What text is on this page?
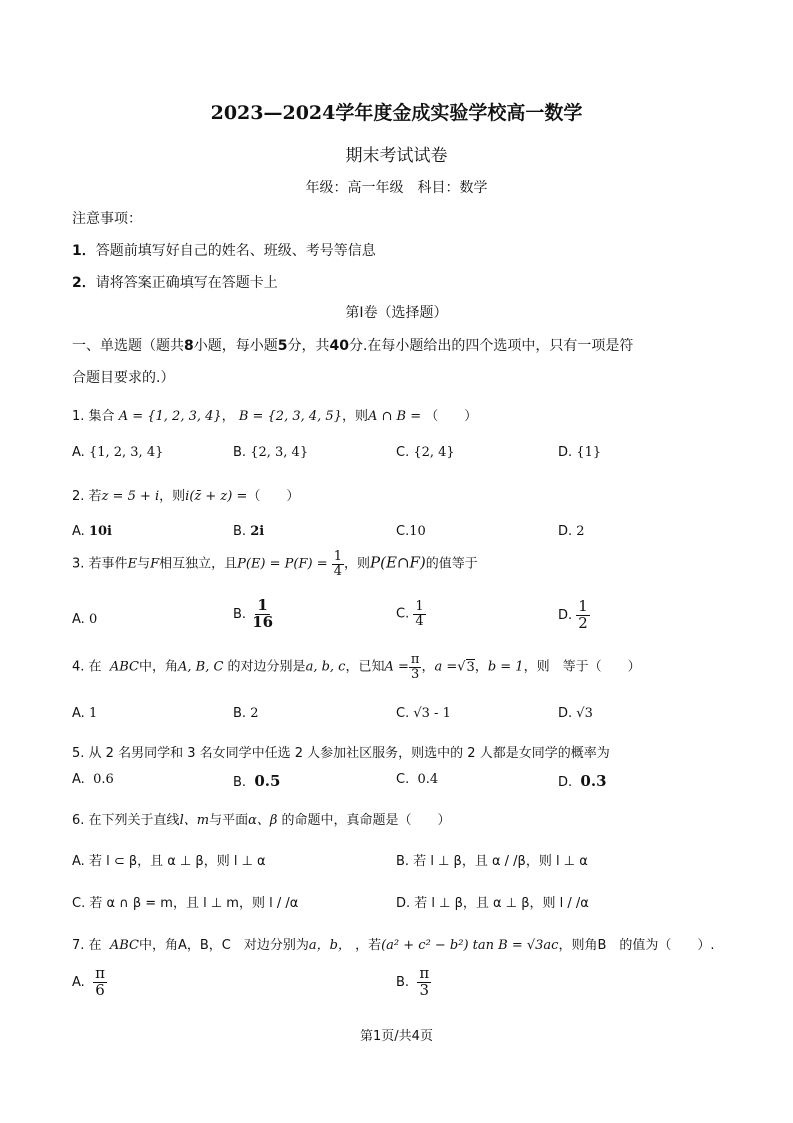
2023—2024学年度金成实验学校高一数学
期末考试试卷
年级：高一年级　科目：数学
注意事项：
1．答题前填写好自己的姓名、班级、考号等信息
2．请将答案正确填写在答题卡上
第Ⅰ卷（选择题）
一、单选题（题共8小题，每小题5分，共40分.在每小题给出的四个选项中，只有一项是符
合题目要求的.）
1. 集合 A = {1, 2, 3, 4}， B = {2, 3, 4, 5}，则A ∩ B = （　　）
A. {1, 2, 3, 4}	B. {2, 3, 4}	C. {2, 4}	D. {1}
2. 若z = 5 + i，则i(z̄ + z) =（　　）
A. 10i	B. 2i	C.10	D. 2
3. 若事件E与F相互独立，且$P(E) = P(F) = \frac{1}{4}$ ，则P(E∩F)的值等于
A. 0	B. $\frac{1}{16}$	C. $\frac{1}{4}$	D. $\frac{1}{2}$
4. 在 ABC中，角A, B, C 的对边分别是a, b, c，已知$A = \frac{\pi}{3}$ ，a =√3，b = 1，则　等于（　　）
A. 1	B. 2	C. √3 - 1	D. √3
5. 从 2 名男同学和 3 名女同学中任选 2 人参加社区服务，则选中的 2 人都是女同学的概率为
A. 0.6	B. 0.5	C. 0.4	D. 0.3
6. 在下列关于直线l、m与平面α、β 的命题中，真命题是（　　）
A. 若 l ⊂ β，且 α ⊥ β，则 l ⊥ α	B. 若 l ⊥ β，且 α / /β，则 l ⊥ α
C. 若 α ∩ β = m，且 l ⊥ m，则 l / /α	D. 若 l ⊥ β，且 α ⊥ β，则 l / /α
7. 在 ABC中，角A，B，C　对边分别为a，b， ，若(a² + c² − b²) tan B = √3ac，则角B　的值为（　　）.
A. $\frac{\pi}{6}$	B. $\frac{\pi}{3}$
第1页/共4页
